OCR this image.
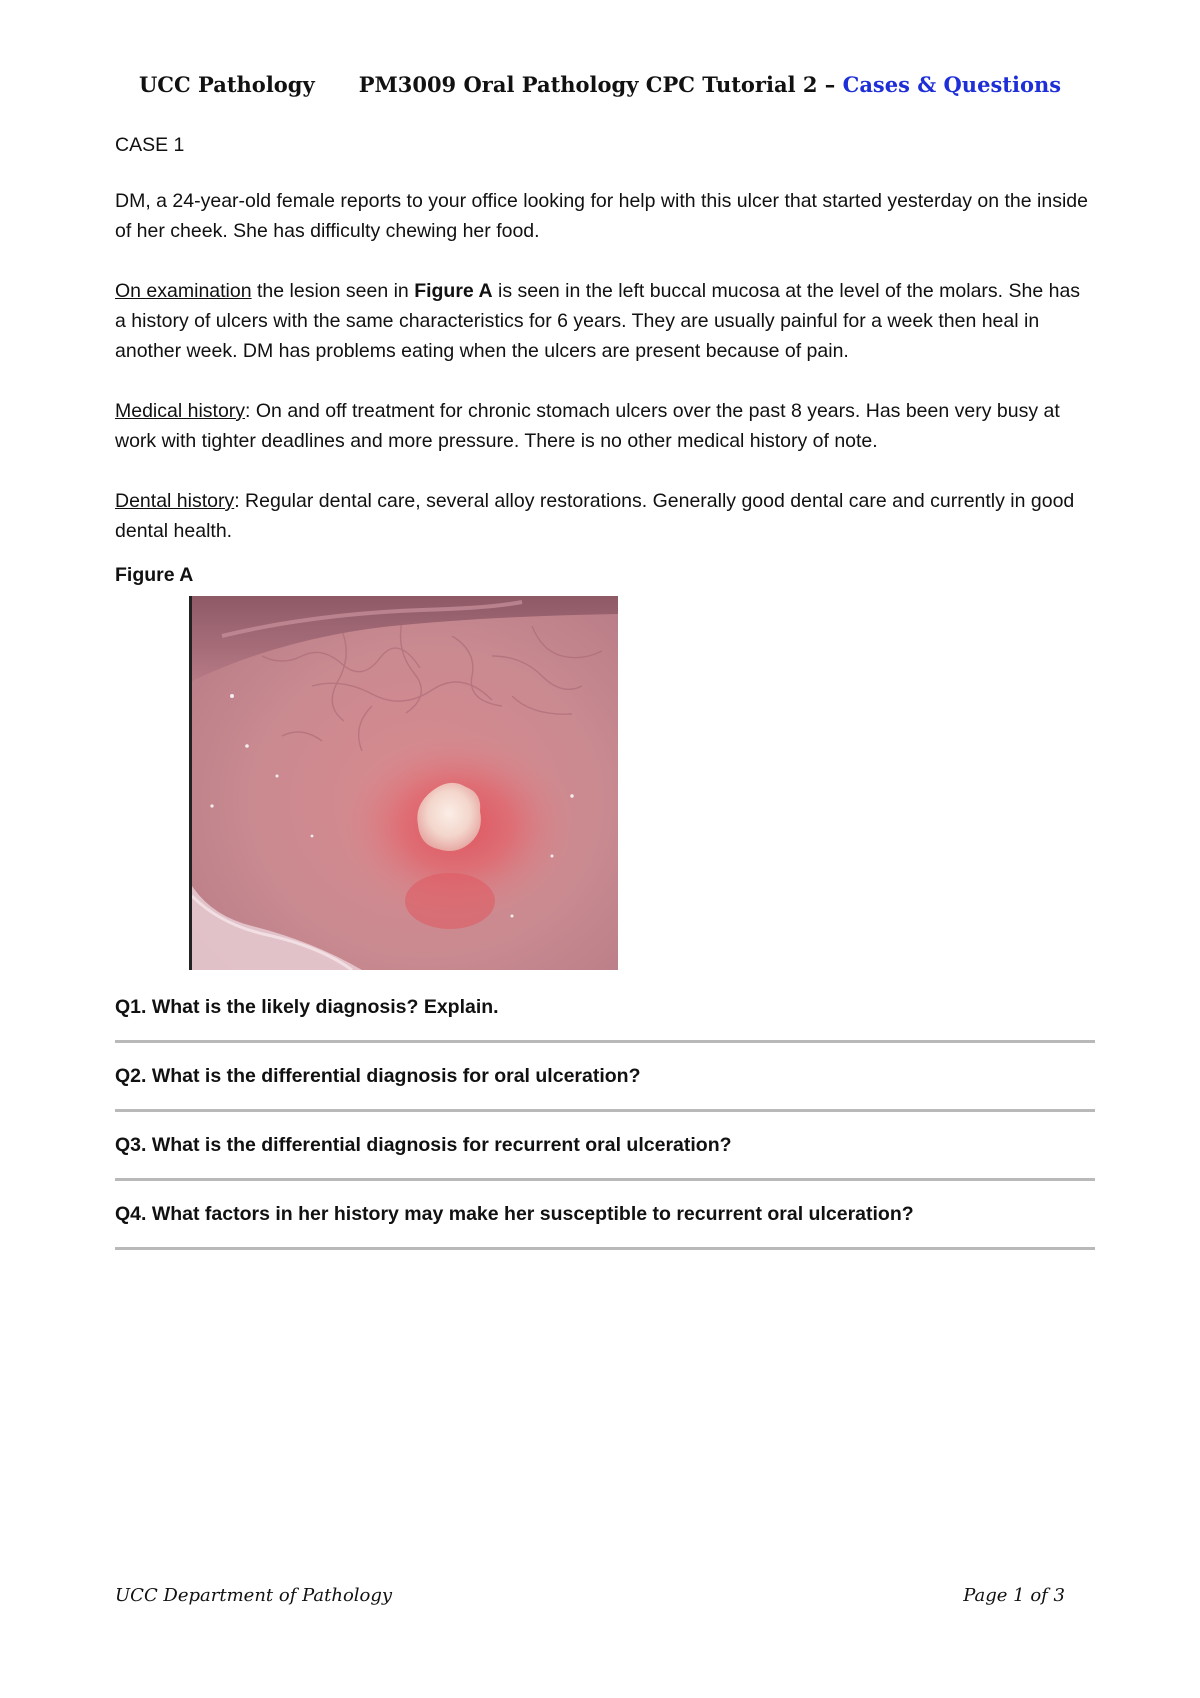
UCC Pathology PM3009 Oral Pathology CPC Tutorial 2 – Cases & Questions

CASE 1

DM, a 24-year-old female reports to your office looking for help with this ulcer that started yesterday on the inside of her cheek. She has difficulty chewing her food.

On examination the lesion seen in Figure A is seen in the left buccal mucosa at the level of the molars. She has a history of ulcers with the same characteristics for 6 years. They are usually painful for a week then heal in another week. DM has problems eating when the ulcers are present because of pain.

Medical history: On and off treatment for chronic stomach ulcers over the past 8 years. Has been very busy at work with tighter deadlines and more pressure. There is no other medical history of note.

Dental history: Regular dental care, several alloy restorations. Generally good dental care and currently in good dental health.

Figure A

Q1. What is the likely diagnosis? Explain.
Q2. What is the differential diagnosis for oral ulceration?
Q3. What is the differential diagnosis for recurrent oral ulceration?
Q4. What factors in her history may make her susceptible to recurrent oral ulceration?
UCC Department of Pathology	Page 1 of 3
